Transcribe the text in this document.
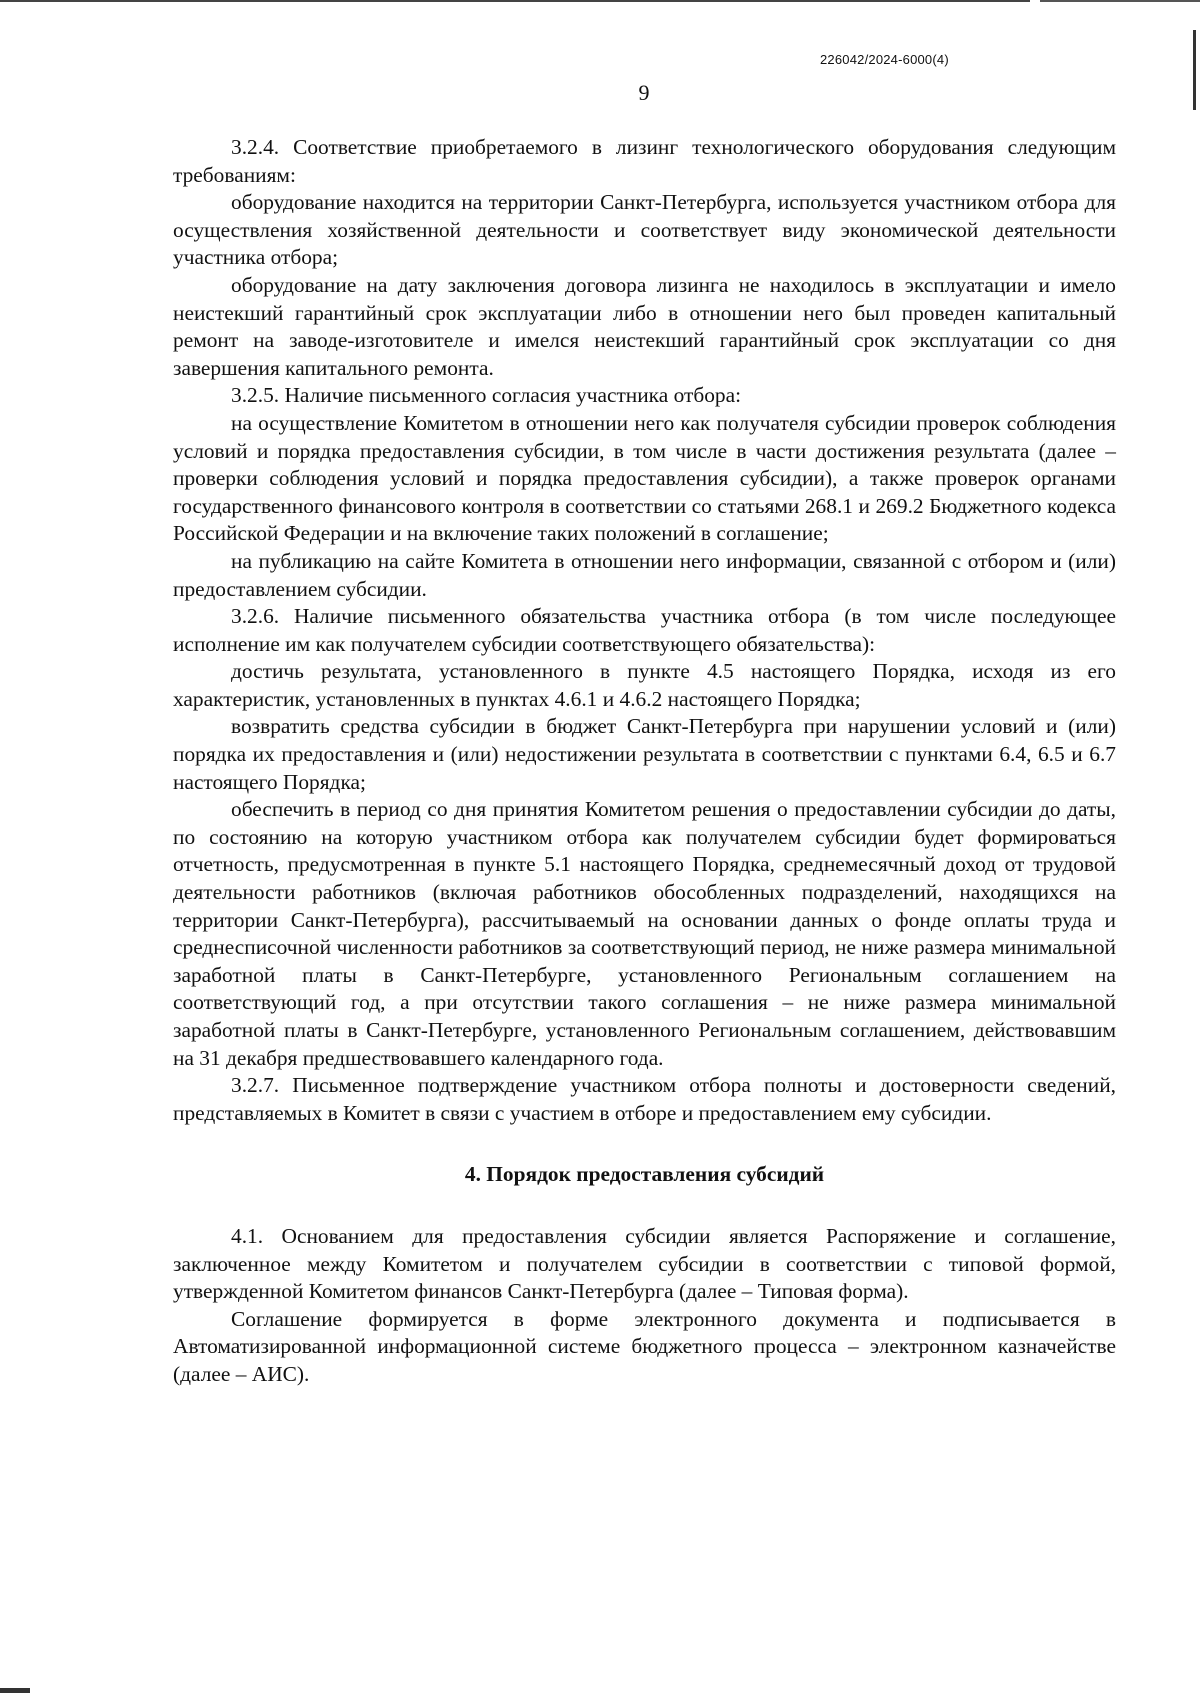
226042/2024-6000(4)
9

3.2.4. Соответствие приобретаемого в лизинг технологического оборудования следующим требованиям:

оборудование находится на территории Санкт-Петербурга, используется участником отбора для осуществления хозяйственной деятельности и соответствует виду экономической деятельности участника отбора;

оборудование на дату заключения договора лизинга не находилось в эксплуатации и имело неистекший гарантийный срок эксплуатации либо в отношении него был проведен капитальный ремонт на заводе-изготовителе и имелся неистекший гарантийный срок эксплуатации со дня завершения капитального ремонта.

3.2.5. Наличие письменного согласия участника отбора:

на осуществление Комитетом в отношении него как получателя субсидии проверок соблюдения условий и порядка предоставления субсидии, в том числе в части достижения результата (далее – проверки соблюдения условий и порядка предоставления субсидии), а также проверок органами государственного финансового контроля в соответствии со статьями 268.1 и 269.2 Бюджетного кодекса Российской Федерации и на включение таких положений в соглашение;

на публикацию на сайте Комитета в отношении него информации, связанной с отбором и (или) предоставлением субсидии.

3.2.6. Наличие письменного обязательства участника отбора (в том числе последующее исполнение им как получателем субсидии соответствующего обязательства):

достичь результата, установленного в пункте 4.5 настоящего Порядка, исходя из его характеристик, установленных в пунктах 4.6.1 и 4.6.2 настоящего Порядка;

возвратить средства субсидии в бюджет Санкт-Петербурга при нарушении условий и (или) порядка их предоставления и (или) недостижении результата в соответствии с пунктами 6.4, 6.5 и 6.7 настоящего Порядка;

обеспечить в период со дня принятия Комитетом решения о предоставлении субсидии до даты, по состоянию на которую участником отбора как получателем субсидии будет формироваться отчетность, предусмотренная в пункте 5.1 настоящего Порядка, среднемесячный доход от трудовой деятельности работников (включая работников обособленных подразделений, находящихся на территории Санкт-Петербурга), рассчитываемый на основании данных о фонде оплаты труда и среднесписочной численности работников за соответствующий период, не ниже размера минимальной заработной платы в Санкт-Петербурге, установленного Региональным соглашением на соответствующий год, а при отсутствии такого соглашения – не ниже размера минимальной заработной платы в Санкт-Петербурге, установленного Региональным соглашением, действовавшим на 31 декабря предшествовавшего календарного года.

3.2.7. Письменное подтверждение участником отбора полноты и достоверности сведений, представляемых в Комитет в связи с участием в отборе и предоставлением ему субсидии.

4. Порядок предоставления субсидий

4.1. Основанием для предоставления субсидии является Распоряжение и соглашение, заключенное между Комитетом и получателем субсидии в соответствии с типовой формой, утвержденной Комитетом финансов Санкт-Петербурга (далее – Типовая форма).

Соглашение формируется в форме электронного документа и подписывается в Автоматизированной информационной системе бюджетного процесса – электронном казначействе (далее – АИС).
